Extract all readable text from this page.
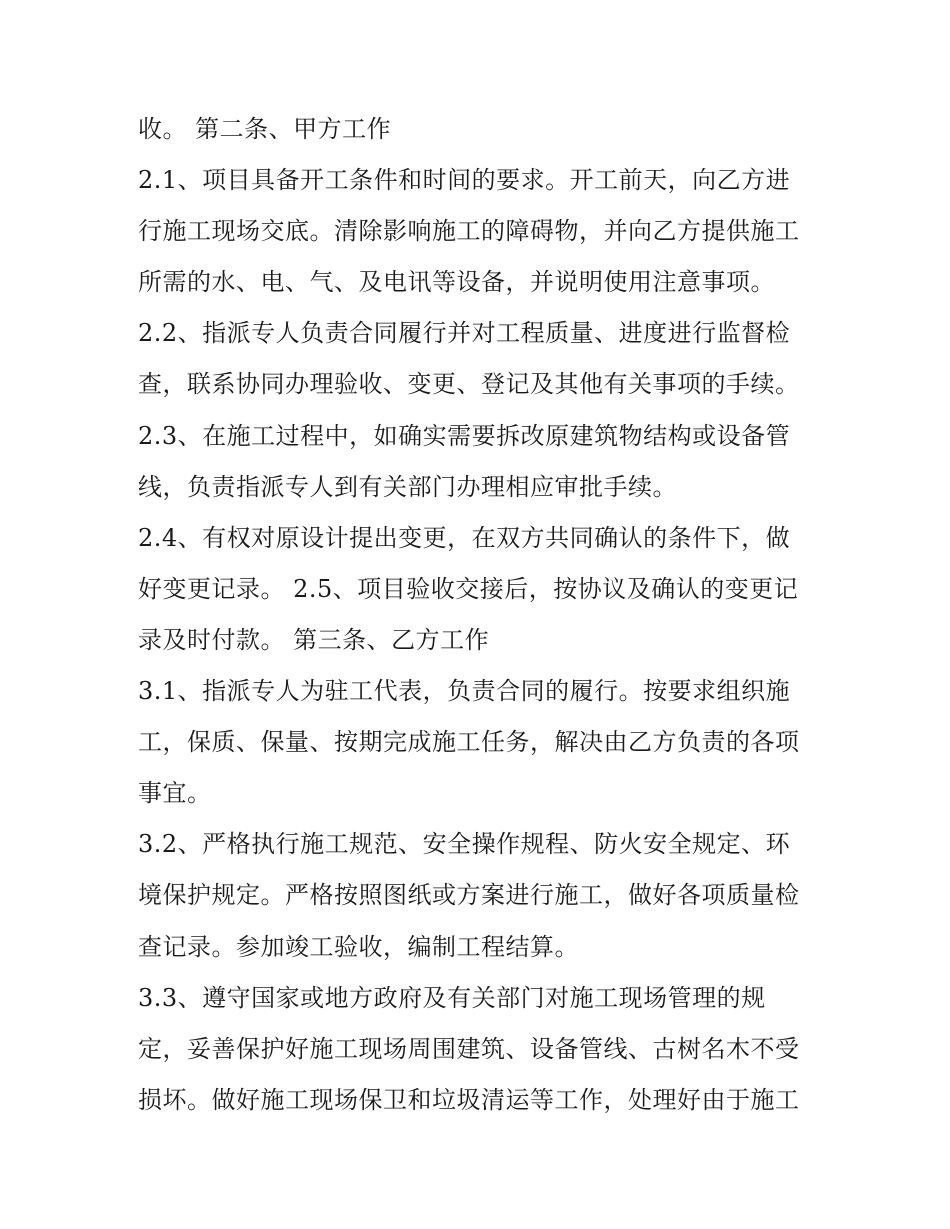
收。 第二条、甲方工作
2.1、项目具备开工条件和时间的要求。开工前天，向乙方进
行施工现场交底。清除影响施工的障碍物，并向乙方提供施工
所需的水、电、气、及电讯等设备，并说明使用注意事项。
2.2、指派专人负责合同履行并对工程质量、进度进行监督检
查，联系协同办理验收、变更、登记及其他有关事项的手续。
2.3、在施工过程中，如确实需要拆改原建筑物结构或设备管
线，负责指派专人到有关部门办理相应审批手续。
2.4、有权对原设计提出变更，在双方共同确认的条件下，做
好变更记录。 2.5、项目验收交接后，按协议及确认的变更记
录及时付款。 第三条、乙方工作
3.1、指派专人为驻工代表，负责合同的履行。按要求组织施
工，保质、保量、按期完成施工任务，解决由乙方负责的各项
事宜。
3.2、严格执行施工规范、安全操作规程、防火安全规定、环
境保护规定。严格按照图纸或方案进行施工，做好各项质量检
查记录。参加竣工验收，编制工程结算。
3.3、遵守国家或地方政府及有关部门对施工现场管理的规
定，妥善保护好施工现场周围建筑、设备管线、古树名木不受
损坏。做好施工现场保卫和垃圾清运等工作，处理好由于施工
